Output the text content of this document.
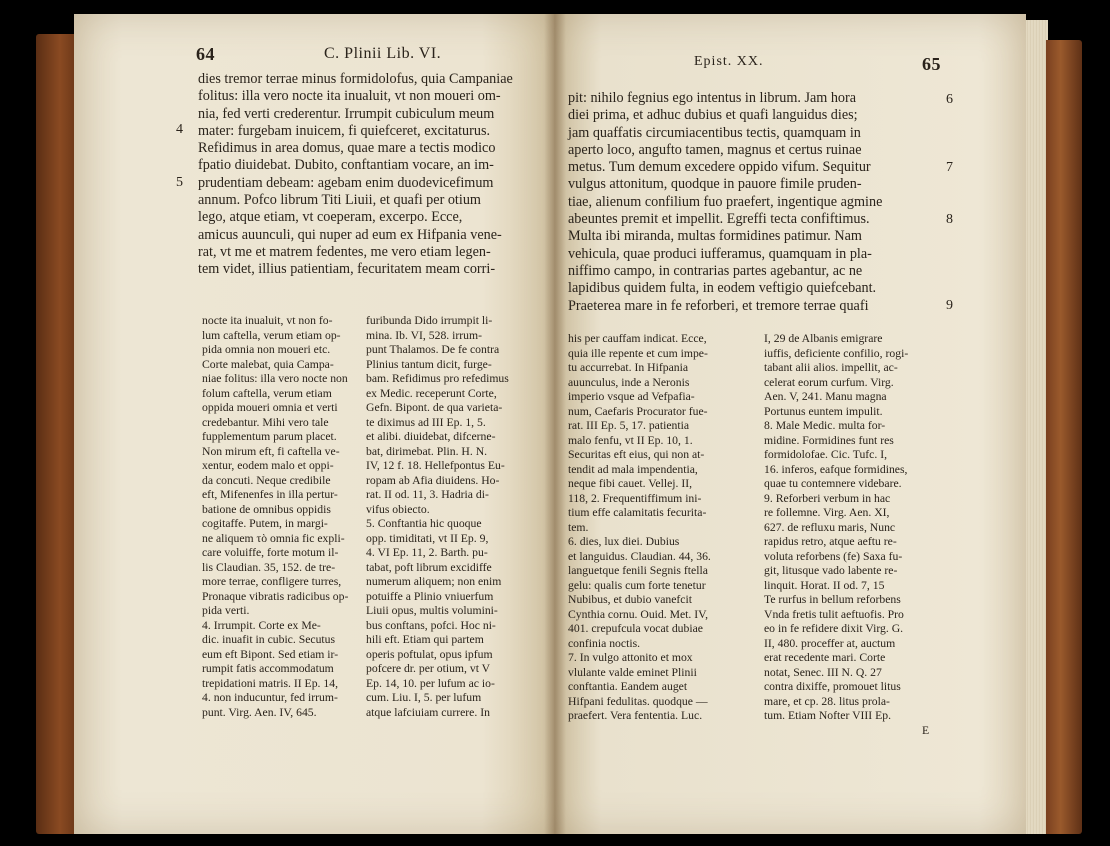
64	C. Plinii Lib. VI.
dies tremor terrae minus formidolofus, quia Campaniae
folitus: illa vero nocte ita inualuit, vt non moueri om-
nia, fed verti crederentur. Irrumpit cubiculum meum
mater: furgebam inuicem, fi quiefceret, excitaturus.
Refidimus in area domus, quae mare a tectis modico
fpatio diuidebat. Dubito, conftantiam vocare, an im-
prudentiam debeam: agebam enim duodevicefimum
annum. Pofco librum Titi Liuii, et quafi per otium
lego, atque etiam, vt coeperam, excerpo. Ecce,
amicus auunculi, qui nuper ad eum ex Hifpania vene-
rat, vt me et matrem fedentes, me vero etiam legen-
tem videt, illius patientiam, fecuritatem meam corri-
4
5
nocte ita inualuit, vt non fo-
lum caftella, verum etiam op-
pida omnia non moueri etc.
Corte malebat, quia Campa-
niae folitus: illa vero nocte non
folum caftella, verum etiam
oppida moueri omnia et verti
credebantur. Mihi vero tale
fupplementum parum placet.
Non mirum eft, fi caftella ve-
xentur, eodem malo et oppi-
da concuti. Neque credibile
eft, Mifenenfes in illa pertur-
batione de omnibus oppidis
cogitaffe. Putem, in margi-
ne aliquem τὸ omnia fic expli-
care voluiffe, forte motum il-
lis Claudian. 35, 152. de tre-
more terrae, confligere turres,
Pronaque vibratis radicibus op-
pida verti.
4. Irrumpit. Corte ex Me-
dic. inuafit in cubic. Secutus
eum eft Bipont. Sed etiam ir-
rumpit fatis accommodatum
trepidationi matris. II Ep. 14,
4. non inducuntur, fed irrum-
punt. Virg. Aen. IV, 645.
furibunda Dido irrumpit li-
mina. Ib. VI, 528. irrum-
punt Thalamos. De fe contra
Plinius tantum dicit, furge-
bam. Refidimus pro refedimus
ex Medic. receperunt Corte,
Gefn. Bipont. de qua varieta-
te diximus ad III Ep. 1, 5.
et alibi. diuidebat, difcerne-
bat, dirimebat. Plin. H. N.
IV, 12 f. 18. Hellefpontus Eu-
ropam ab Afia diuidens. Ho-
rat. II od. 11, 3. Hadria di-
vifus obiecto.
5. Conftantia hic quoque
opp. timiditati, vt II Ep. 9,
4. VI Ep. 11, 2. Barth. pu-
tabat, poft librum excidiffe
numerum aliquem; non enim
potuiffe a Plinio vniuerfum
Liuii opus, multis volumini-
bus conftans, pofci. Hoc ni-
hili eft. Etiam qui partem
operis poftulat, opus ipfum
pofcere dr. per otium, vt V
Ep. 14, 10. per lufum ac io-
cum. Liu. I, 5. per lufum
atque lafciuiam currere. In
Epist. XX.	65
pit: nihilo fegnius ego intentus in librum. Jam hora
diei prima, et adhuc dubius et quafi languidus dies;
jam quaffatis circumiacentibus tectis, quamquam in
aperto loco, angufto tamen, magnus et certus ruinae
metus. Tum demum excedere oppido vifum. Sequitur
vulgus attonitum, quodque in pauore fimile pruden-
tiae, alienum confilium fuo praefert, ingentique agmine
abeuntes premit et impellit. Egreffi tecta confiftimus.
Multa ibi miranda, multas formidines patimur. Nam
vehicula, quae produci iufferamus, quamquam in pla-
niffimo campo, in contrarias partes agebantur, ac ne
lapidibus quidem fulta, in eodem veftigio quiefcebant.
Praeterea mare in fe reforberi, et tremore terrae quafi
6
7
8
9
his per cauffam indicat. Ecce,
quia ille repente et cum impe-
tu accurrebat. In Hifpania
auunculus, inde a Neronis
imperio vsque ad Vefpafia-
num, Caefaris Procurator fue-
rat. III Ep. 5, 17. patientia
malo fenfu, vt II Ep. 10, 1.
Securitas eft eius, qui non at-
tendit ad mala impendentia,
neque fibi cauet. Vellej. II,
118, 2. Frequentiffimum ini-
tium effe calamitatis fecurita-
tem.
6. dies, lux diei. Dubius
et languidus. Claudian. 44, 36.
languetque fenili Segnis ftella
gelu: qualis cum forte tenetur
Nubibus, et dubio vanefcit
Cynthia cornu. Ouid. Met. IV,
401. crepufcula vocat dubiae
confinia noctis.
7. In vulgo attonito et mox
vlulante valde eminet Plinii
conftantia. Eandem auget
Hifpani fedulitas. quodque —
praefert. Vera fententia. Luc.
I, 29 de Albanis emigrare
iuffis, deficiente confilio, rogi-
tabant alii alios. impellit, ac-
celerat eorum curfum. Virg.
Aen. V, 241. Manu magna
Portunus euntem impulit.
8. Male Medic. multa for-
midine. Formidines funt res
formidolofae. Cic. Tufc. I,
16. inferos, eafque formidines,
quae tu contemnere videbare.
9. Reforberi verbum in hac
re follemne. Virg. Aen. XI,
627. de refluxu maris, Nunc
rapidus retro, atque aeftu re-
voluta reforbens (fe) Saxa fu-
git, litusque vado labente re-
linquit. Horat. II od. 7, 15
Te rurfus in bellum reforbens
Vnda fretis tulit aeftuofis. Pro
eo in fe refidere dixit Virg. G.
II, 480. proceffer at, auctum
erat recedente mari. Corte
notat, Senec. III N. Q. 27
contra dixiffe, promouet litus
mare, et cp. 28. litus prola-
tum. Etiam Nofter VIII Ep.
E
